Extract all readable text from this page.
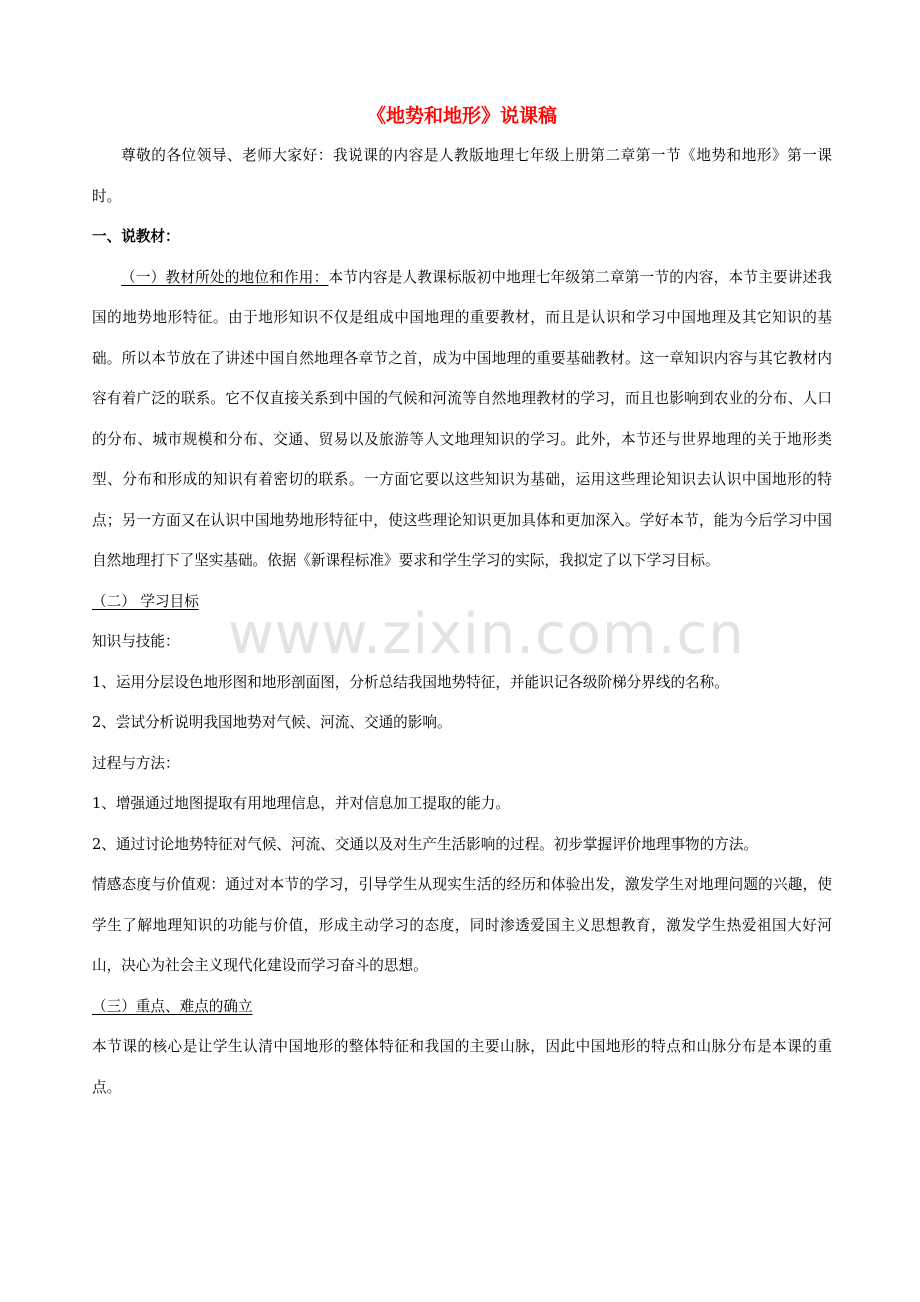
www.zixin.com.cn
《地势和地形》说课稿

尊敬的各位领导、老师大家好：我说课的内容是人教版地理七年级上册第二章第一节《地势和地形》第一课时。

一、说教材：

（一）教材所处的地位和作用：本节内容是人教课标版初中地理七年级第二章第一节的内容，本节主要讲述我国的地势地形特征。由于地形知识不仅是组成中国地理的重要教材，而且是认识和学习中国地理及其它知识的基础。所以本节放在了讲述中国自然地理各章节之首，成为中国地理的重要基础教材。这一章知识内容与其它教材内容有着广泛的联系。它不仅直接关系到中国的气候和河流等自然地理教材的学习，而且也影响到农业的分布、人口的分布、城市规模和分布、交通、贸易以及旅游等人文地理知识的学习。此外，本节还与世界地理的关于地形类型、分布和形成的知识有着密切的联系。一方面它要以这些知识为基础，运用这些理论知识去认识中国地形的特点；另一方面又在认识中国地势地形特征中，使这些理论知识更加具体和更加深入。学好本节，能为今后学习中国自然地理打下了坚实基础。依据《新课程标准》要求和学生学习的实际，我拟定了以下学习目标。

（二） 学习目标

知识与技能：

1、运用分层设色地形图和地形剖面图，分析总结我国地势特征，并能识记各级阶梯分界线的名称。

2、尝试分析说明我国地势对气候、河流、交通的影响。

过程与方法：

1、增强通过地图提取有用地理信息，并对信息加工提取的能力。

2、通过讨论地势特征对气候、河流、交通以及对生产生活影响的过程。初步掌握评价地理事物的方法。

情感态度与价值观：通过对本节的学习，引导学生从现实生活的经历和体验出发，激发学生对地理问题的兴趣，使学生了解地理知识的功能与价值，形成主动学习的态度，同时渗透爱国主义思想教育，激发学生热爱祖国大好河山，决心为社会主义现代化建设而学习奋斗的思想。

（三）重点、难点的确立

本节课的核心是让学生认清中国地形的整体特征和我国的主要山脉，因此中国地形的特点和山脉分布是本课的重点。
